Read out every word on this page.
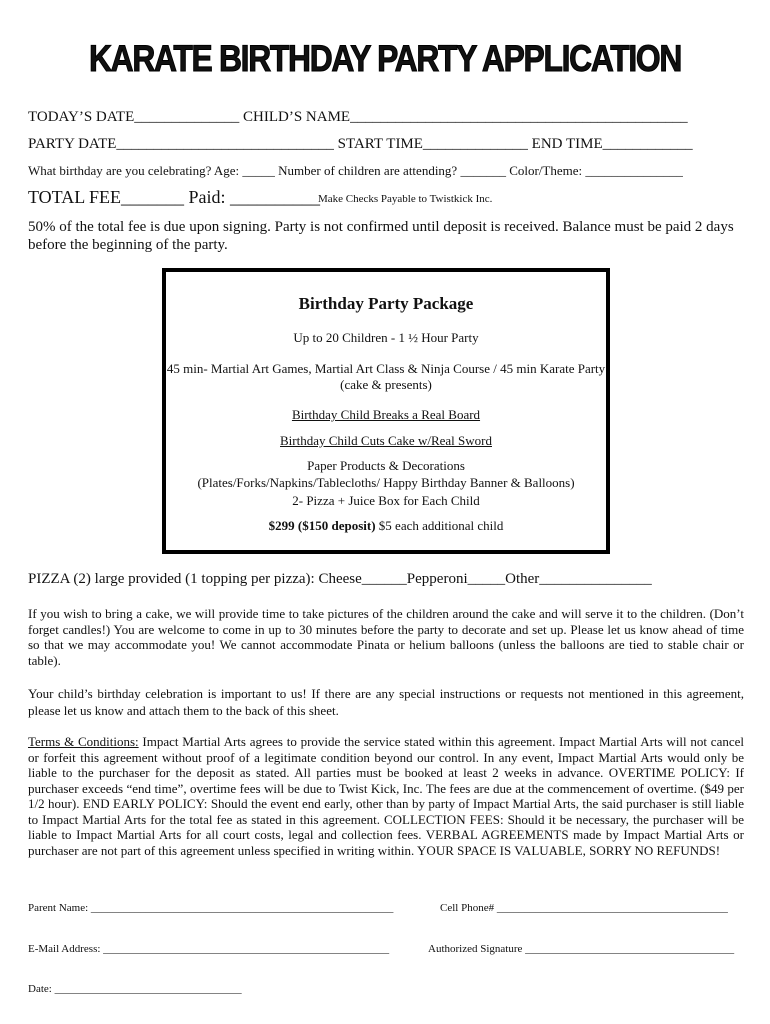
KARATE BIRTHDAY PARTY APPLICATION
TODAY’S DATE______________ CHILD’S NAME_____________________________________________
PARTY DATE_____________________________ START TIME______________ END TIME____________
What birthday are you celebrating? Age: _____ Number of children are attending? _______ Color/Theme: _______________
TOTAL FEE_______ Paid: __________
Make Checks Payable to Twistkick Inc.
50% of the total fee is due upon signing. Party is not confirmed until deposit is received. Balance must be paid 2 days before the beginning of the party.
Birthday Party Package
Up to 20 Children - 1 ½ Hour Party
45 min- Martial Art Games, Martial Art Class & Ninja Course / 45 min Karate Party
(cake & presents)
Birthday Child Breaks a Real Board
Birthday Child Cuts Cake w/Real Sword
Paper Products & Decorations
(Plates/Forks/Napkins/Tablecloths/ Happy Birthday Banner & Balloons)
2- Pizza + Juice Box for Each Child
$299 ($150 deposit) $5 each additional child
PIZZA (2) large provided (1 topping per pizza): Cheese______Pepperoni_____Other_______________
If you wish to bring a cake, we will provide time to take pictures of the children around the cake and will serve it to the children. (Don’t forget candles!) You are welcome to come in up to 30 minutes before the party to decorate and set up. Please let us know ahead of time so that we may accommodate you! We cannot accommodate Pinata or helium balloons (unless the balloons are tied to stable chair or table).
Your child’s birthday celebration is important to us! If there are any special instructions or requests not mentioned in this agreement, please let us know and attach them to the back of this sheet.
Terms & Conditions: Impact Martial Arts agrees to provide the service stated within this agreement. Impact Martial Arts will not cancel or forfeit this agreement without proof of a legitimate condition beyond our control. In any event, Impact Martial Arts would only be liable to the purchaser for the deposit as stated. All parties must be booked at least 2 weeks in advance. OVERTIME POLICY: If purchaser exceeds “end time”, overtime fees will be due to Twist Kick, Inc. The fees are due at the commencement of overtime. ($49 per 1/2 hour). END EARLY POLICY: Should the event end early, other than by party of Impact Martial Arts, the said purchaser is still liable to Impact Martial Arts for the total fee as stated in this agreement. COLLECTION FEES: Should it be necessary, the purchaser will be liable to Impact Martial Arts for all court costs, legal and collection fees. VERBAL AGREEMENTS made by Impact Martial Arts or purchaser are not part of this agreement unless specified in writing within. YOUR SPACE IS VALUABLE, SORRY NO REFUNDS!
Parent Name: _______________________________________________________	Cell Phone# __________________________________________
E-Mail Address: ____________________________________________________	Authorized Signature ______________________________________
Date: __________________________________
